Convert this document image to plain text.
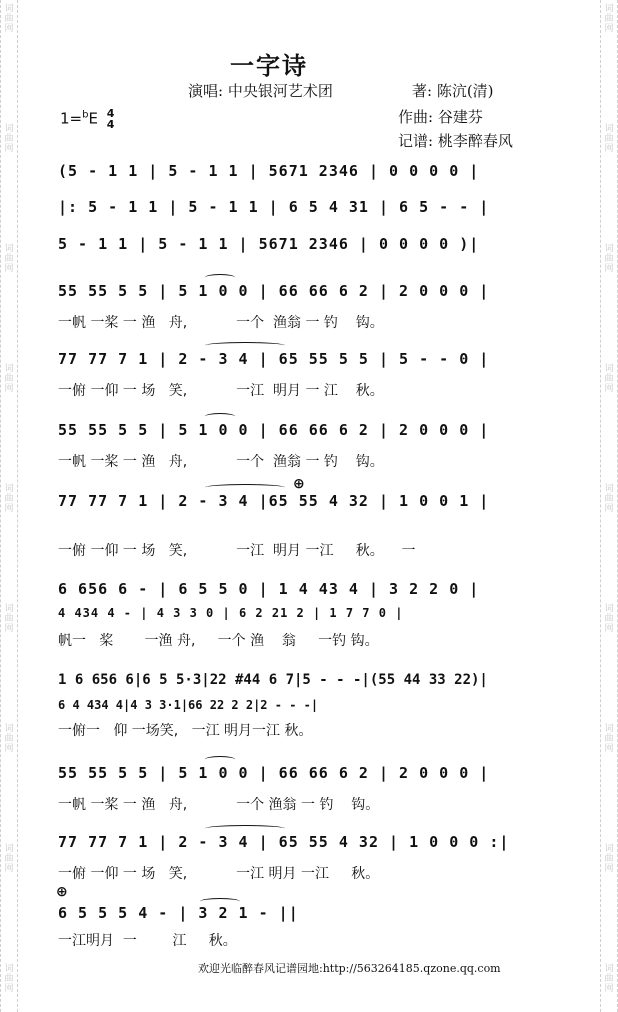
词曲网
词曲网
词曲网
词曲网
词曲网
词曲网
词曲网
词曲网
词曲网
词曲网
词曲网
词曲网
词曲网
词曲网
词曲网
词曲网
词曲网
词曲网
一字诗
演唱: 中央银河艺术团	著: 陈沆(清)
作曲: 谷建芬
记谱: 桃李醉春风
1=$^b$E 4
4
(5 - 1 1 | 5 - 1 1 | 5671 2346 | 0 0 0 0 |
|: 5 - 1 1 | 5 - 1 1 | 6 5 4 31 | 6 5 - - |
5 - 1 1 | 5 - 1 1 | 5671 2346 | 0 0 0 0 )|
55 55 5 5 | 5 1 0 0 | 66 66 6 2 | 2 0 0 0 |
一帆 一桨 一 渔   舟,           一个  渔翁 一 钓    钩。
77 77 7 1 | 2 - 3 4 | 65 55 5 5 | 5 - - 0 |
一俯 一仰 一 场   笑,           一江  明月 一 江    秋。
55 55 5 5 | 5 1 0 0 | 66 66 6 2 | 2 0 0 0 |
一帆 一桨 一 渔   舟,           一个  渔翁 一 钓    钩。
⊕
77 77 7 1 | 2 - 3 4 |65 55 4 32 | 1 0 0 1 |
一俯 一仰 一 场   笑,           一江  明月 一江     秋。    一
6 656 6 - | 6 5 5 0 | 1 4 43 4 | 3 2 2 0 |
4 434 4 - | 4 3 3 0 | 6 2 21 2 | 1 7 7 0 |
帆一   桨       一渔 舟,     一个 渔    翁     一钓 钩。
1 6 656 6|6 5 5·3|22 #44 6 7|5 - - -|(55 44 33 22)|
6 4 434 4|4 3 3·1|66 22 2 2|2 - - -|
一俯一   仰 一场笑,   一江 明月一江 秋。
55 55 5 5 | 5 1 0 0 | 66 66 6 2 | 2 0 0 0 |
一帆 一桨 一 渔   舟,           一个 渔翁 一 钓    钩。
77 77 7 1 | 2 - 3 4 | 65 55 4 32 | 1 0 0 0 :|
一俯 一仰 一 场   笑,           一江 明月 一江     秋。
⊕
6 5 5 5 4 - | 3 2 1 - ||
一江明月  一        江     秋。
欢迎光临醉春风记谱园地:http://563264185.qzone.qq.com
